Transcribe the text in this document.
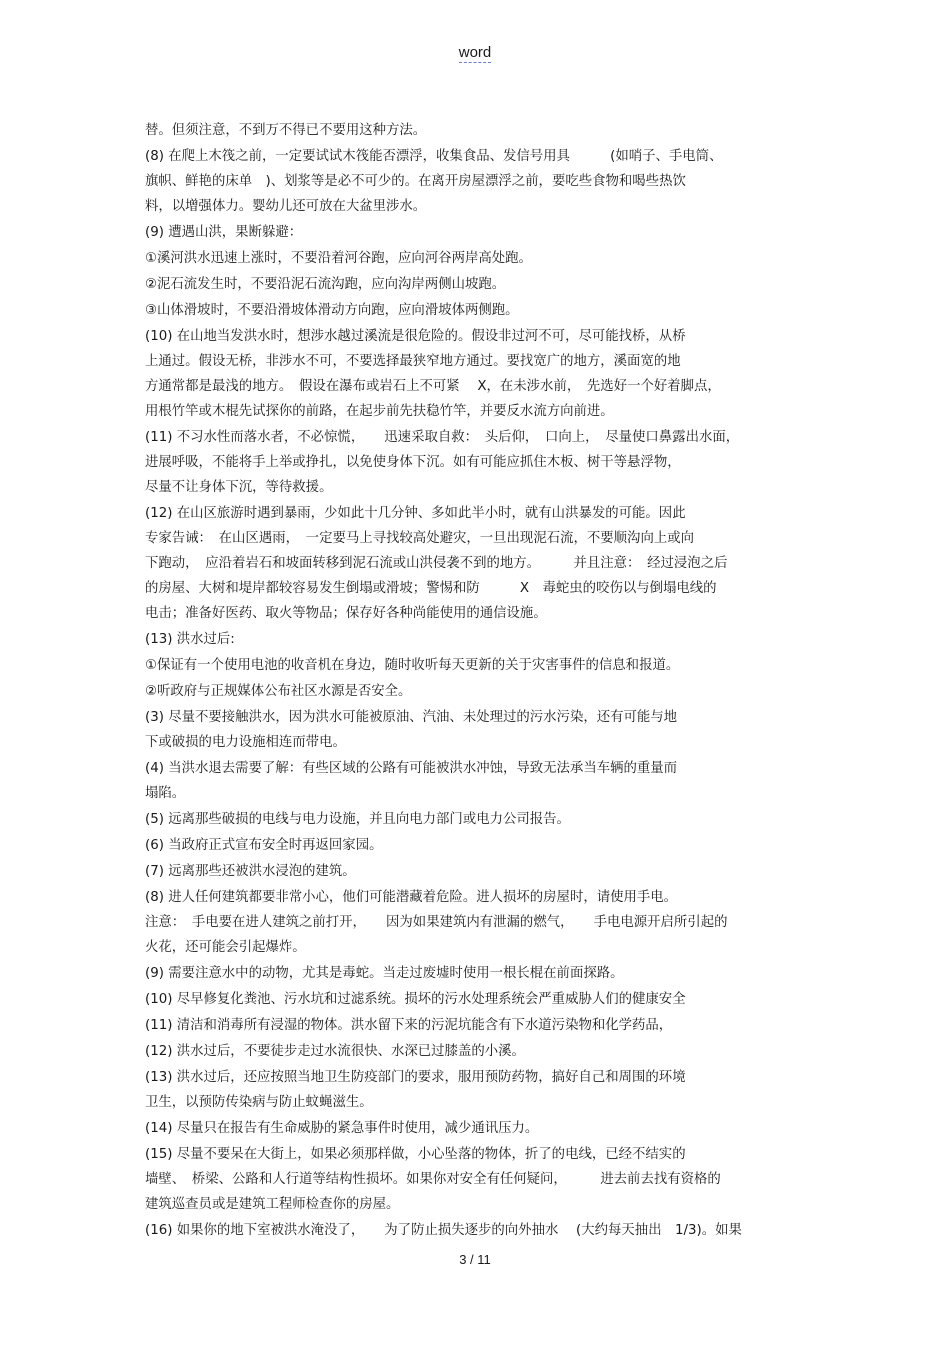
word

替。但须注意，不到万不得已不要用这种方法。

(8) 在爬上木筏之前，一定要试试木筏能否漂浮，收集食品、发信号用具　　　(如哨子、手电筒、
旗帜、鲜艳的床单　)、划浆等是必不可少的。在离开房屋漂浮之前，要吃些食物和喝些热饮
料，以增强体力。婴幼儿还可放在大盆里涉水。

(9) 遭遇山洪，果断躲避：

①溪河洪水迅速上涨时，不要沿着河谷跑，应向河谷两岸高处跑。

②泥石流发生时，不要沿泥石流沟跑，应向沟岸两侧山坡跑。

③山体滑坡时，不要沿滑坡体滑动方向跑，应向滑坡体两侧跑。

(10) 在山地当发洪水时，想涉水越过溪流是很危险的。假设非过河不可，尽可能找桥，从桥
上通过。假设无桥，非涉水不可，不要选择最狭窄地方通过。要找宽广的地方，溪面宽的地
方通常都是最浅的地方。　假设在瀑布或岩石上不可紧　 X，在未涉水前，　先选好一个好着脚点，
用根竹竿或木棍先试探你的前路，在起步前先扶稳竹竿，并要反水流方向前进。

(11) 不习水性而落水者，不必惊慌，　　迅速采取自救：　头后仰，　口向上，　尽量使口鼻露出水面，
进展呼吸，不能将手上举或挣扎，以免使身体下沉。如有可能应抓住木板、树干等悬浮物，
尽量不让身体下沉，等待救援。

(12) 在山区旅游时遇到暴雨，少如此十几分钟、多如此半小时，就有山洪暴发的可能。因此
专家告诫：　在山区遇雨，　一定要马上寻找较高处避灾，一旦出现泥石流，不要顺沟向上或向
下跑动，　应沿着岩石和坡面转移到泥石流或山洪侵袭不到的地方。　　　并且注意：　经过浸泡之后
的房屋、大树和堤岸都较容易发生倒塌或滑坡；警惕和防　　　X　毒蛇虫的咬伤以与倒塌电线的
电击；准备好医药、取火等物品；保存好各种尚能使用的通信设施。

(13) 洪水过后:

①保证有一个使用电池的收音机在身边，随时收听每天更新的关于灾害事件的信息和报道。

②听政府与正规媒体公布社区水源是否安全。

(3) 尽量不要接触洪水，因为洪水可能被原油、汽油、未处理过的污水污染，还有可能与地
下或破损的电力设施相连而带电。

(4) 当洪水退去需要了解：有些区域的公路有可能被洪水冲蚀，导致无法承当车辆的重量而
塌陷。

(5) 远离那些破损的电线与电力设施，并且向电力部门或电力公司报告。

(6) 当政府正式宣布安全时再返回家园。

(7) 远离那些还被洪水浸泡的建筑。

(8) 进人任何建筑都要非常小心，他们可能潜藏着危险。进人损坏的房屋时，请使用手电。
注意：　手电要在进人建筑之前打开，　　因为如果建筑内有泄漏的燃气，　　手电电源开启所引起的
火花，还可能会引起爆炸。

(9) 需要注意水中的动物，尤其是毒蛇。当走过废墟时使用一根长棍在前面探路。

(10) 尽早修复化粪池、污水坑和过滤系统。损坏的污水处理系统会严重威胁人们的健康安全

(11) 清洁和消毒所有浸湿的物体。洪水留下来的污泥坑能含有下水道污染物和化学药品，

(12) 洪水过后，不要徒步走过水流很快、水深已过膝盖的小溪。

(13) 洪水过后，还应按照当地卫生防疫部门的要求，服用预防药物，搞好自己和周围的环境
卫生，以预防传染病与防止蚊蝇滋生。

(14) 尽量只在报告有生命威胁的紧急事件时使用，减少通讯压力。

(15) 尽量不要呆在大街上，如果必须那样做，小心坠落的物体，折了的电线，已经不结实的
墙壁、　桥梁、公路和人行道等结构性损坏。如果你对安全有任何疑问，　　　进去前去找有资格的
建筑巡查员或是建筑工程师检查你的房屋。

(16) 如果你的地下室被洪水淹没了，　　为了防止损失逐步的向外抽水　 (大约每天抽出　1/3)。如果

3 / 11
